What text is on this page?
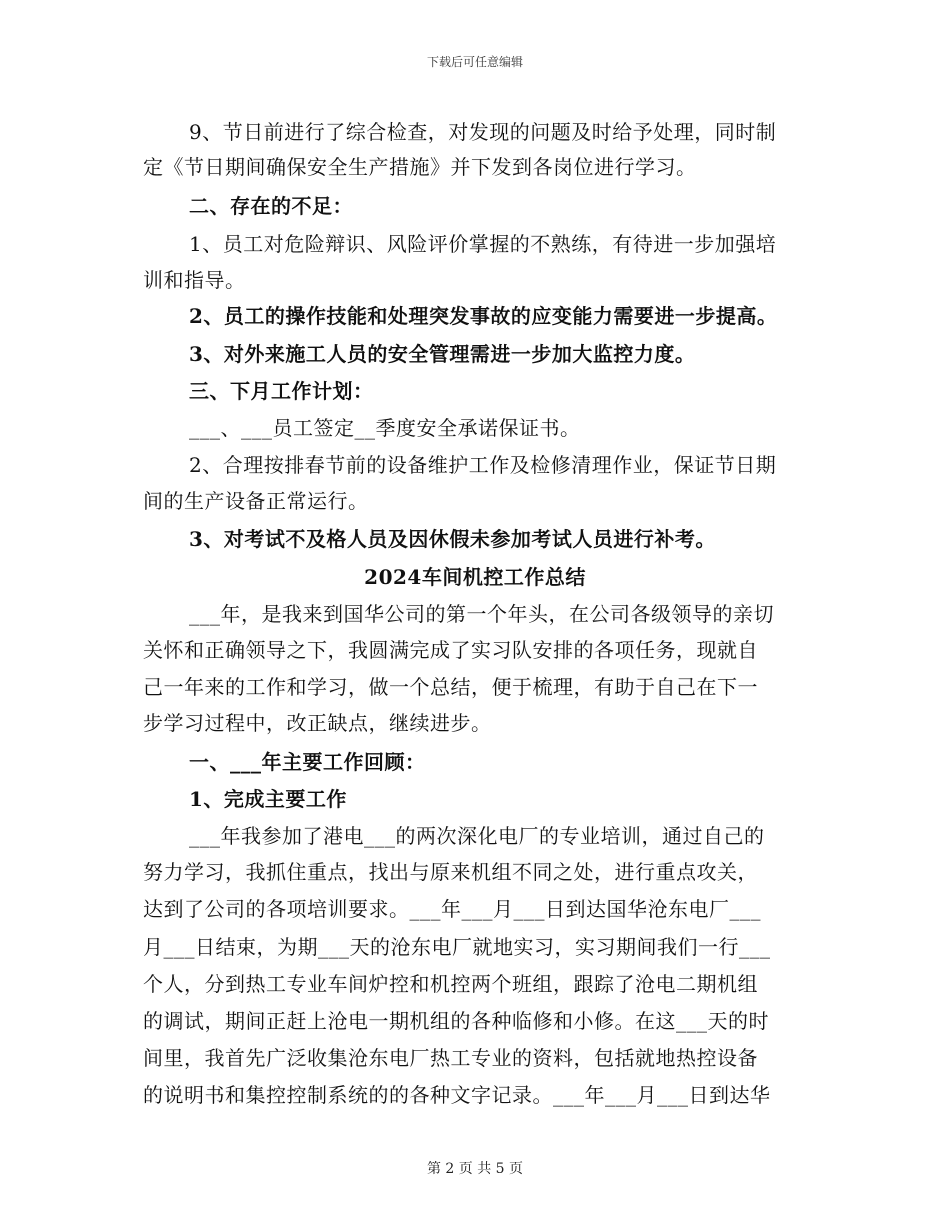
下载后可任意编辑
9、节日前进行了综合检查，对发现的问题及时给予处理，同时制
定《节日期间确保安全生产措施》并下发到各岗位进行学习。
二、存在的不足：
1、员工对危险辩识、风险评价掌握的不熟练，有待进一步加强培
训和指导。
2、员工的操作技能和处理突发事故的应变能力需要进一步提高。
3、对外来施工人员的安全管理需进一步加大监控力度。
三、下月工作计划：
___、___员工签定__季度安全承诺保证书。
2、合理按排春节前的设备维护工作及检修清理作业，保证节日期
间的生产设备正常运行。
3、对考试不及格人员及因休假未参加考试人员进行补考。
2024车间机控工作总结
___年，是我来到国华公司的第一个年头，在公司各级领导的亲切
关怀和正确领导之下，我圆满完成了实习队安排的各项任务，现就自
己一年来的工作和学习，做一个总结，便于梳理，有助于自己在下一
步学习过程中，改正缺点，继续进步。
一、___年主要工作回顾：
1、完成主要工作
___年我参加了港电___的两次深化电厂的专业培训，通过自己的
努力学习，我抓住重点，找出与原来机组不同之处，进行重点攻关，
达到了公司的各项培训要求。___年___月___日到达国华沧东电厂___
月___日结束，为期___天的沧东电厂就地实习，实习期间我们一行___
个人，分到热工专业车间炉控和机控两个班组，跟踪了沧电二期机组
的调试，期间正赶上沧电一期机组的各种临修和小修。在这___天的时
间里，我首先广泛收集沧东电厂热工专业的资料，包括就地热控设备
的说明书和集控控制系统的的各种文字记录。___年___月___日到达华
第 2 页 共 5 页
